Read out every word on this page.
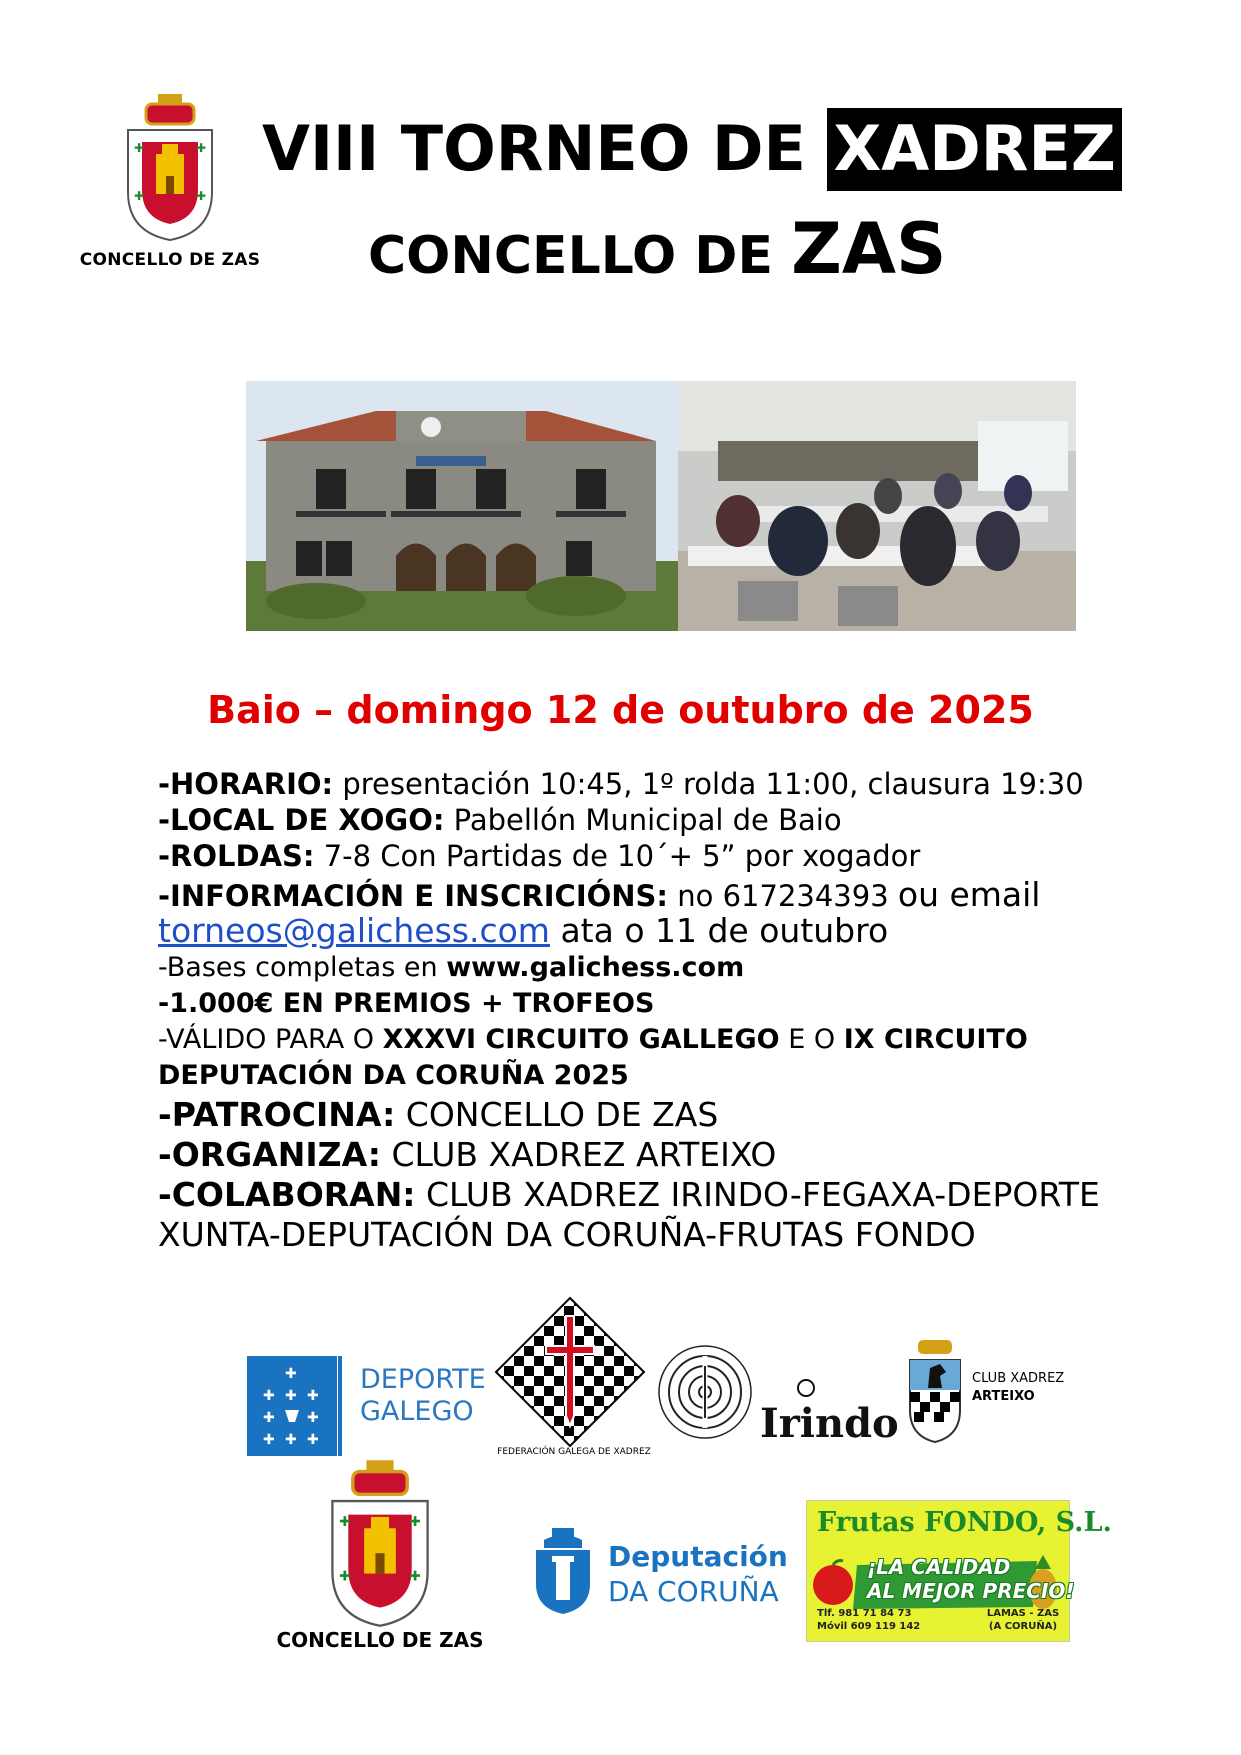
✚	✚
✚	✚
CONCELLO DE ZAS
VIII TORNEO DE XADREZ
CONCELLO DE ZAS
Baio – domingo 12 de outubro de 2025
-HORARIO: presentación 10:45, 1º rolda 11:00, clausura 19:30
-LOCAL DE XOGO: Pabellón Municipal de Baio
-ROLDAS: 7-8 Con Partidas de 10´+ 5” por xogador
-INFORMACIÓN E INSCRICIÓNS: no 617234393 ou email
torneos@galichess.com ata o 11 de outubro
-Bases completas en www.galichess.com
-1.000€ EN PREMIOS + TROFEOS
-VÁLIDO PARA O XXXVI CIRCUITO GALLEGO E O IX CIRCUITO
DEPUTACIÓN DA CORUÑA 2025
-PATROCINA: CONCELLO DE ZAS
-ORGANIZA: CLUB XADREZ ARTEIXO
-COLABORAN: CLUB XADREZ IRINDO-FEGAXA-DEPORTE
XUNTA-DEPUTACIÓN DA CORUÑA-FRUTAS FONDO
✚
✚ ✚ ✚
✚ ✚
✚ ✚ ✚
DEPORTE
GALEGO
FEDERACIÓN GALEGA DE XADREZ
Irindo
CLUB XADREZ
ARTEIXO
✚	✚
✚	✚
CONCELLO DE ZAS
Deputación
DA CORUÑA
Frutas FONDO, S.L.
¡LA CALIDAD
AL MEJOR PRECIO!
Tlf. 981 71 84 73
Móvil 609 119 142
LAMAS - ZAS
(A CORUÑA)
